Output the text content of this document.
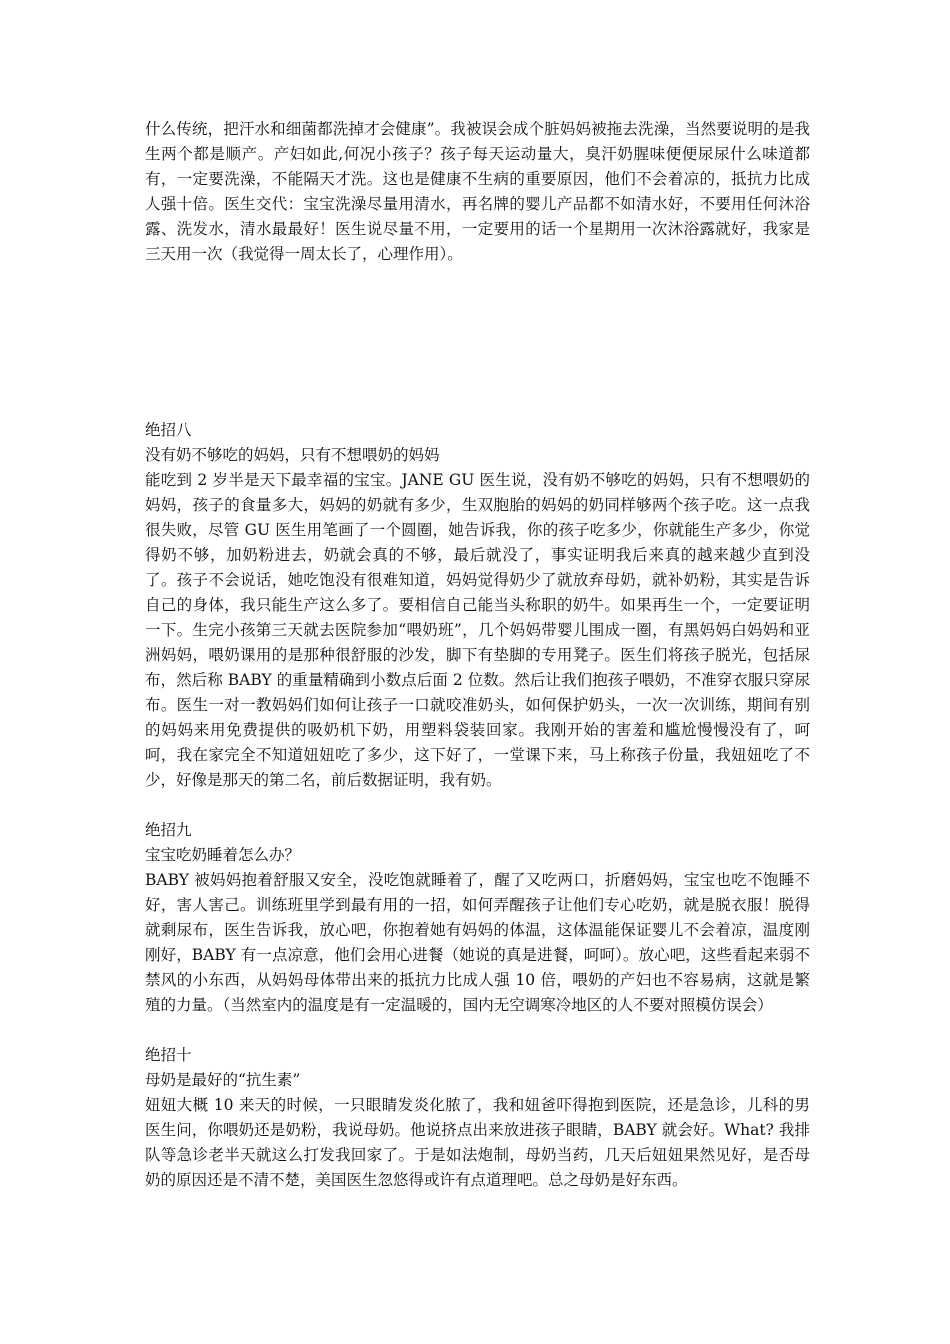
什么传统，把汗水和细菌都洗掉才会健康”。我被误会成个脏妈妈被拖去洗澡，当然要说明的是我生两个都是顺产。产妇如此,何况小孩子？孩子每天运动量大，臭汗奶腥味便便尿尿什么味道都有，一定要洗澡，不能隔天才洗。这也是健康不生病的重要原因，他们不会着凉的，抵抗力比成人强十倍。医生交代：宝宝洗澡尽量用清水，再名牌的婴儿产品都不如清水好，不要用任何沐浴露、洗发水，清水最最好！医生说尽量不用，一定要用的话一个星期用一次沐浴露就好，我家是三天用一次（我觉得一周太长了，心理作用）。

绝招八
没有奶不够吃的妈妈，只有不想喂奶的妈妈

能吃到 2 岁半是天下最幸福的宝宝。JANE GU 医生说，没有奶不够吃的妈妈，只有不想喂奶的妈妈，孩子的食量多大，妈妈的奶就有多少，生双胞胎的妈妈的奶同样够两个孩子吃。这一点我很失败，尽管 GU 医生用笔画了一个圆圈，她告诉我，你的孩子吃多少，你就能生产多少，你觉得奶不够，加奶粉进去，奶就会真的不够，最后就没了，事实证明我后来真的越来越少直到没了。孩子不会说话，她吃饱没有很难知道，妈妈觉得奶少了就放弃母奶，就补奶粉，其实是告诉自己的身体，我只能生产这么多了。要相信自己能当头称职的奶牛。如果再生一个，一定要证明一下。生完小孩第三天就去医院参加“喂奶班”，几个妈妈带婴儿围成一圈，有黑妈妈白妈妈和亚洲妈妈，喂奶课用的是那种很舒服的沙发，脚下有垫脚的专用凳子。医生们将孩子脱光，包括尿布，然后称 BABY 的重量精确到小数点后面 2 位数。然后让我们抱孩子喂奶，不准穿衣服只穿尿布。医生一对一教妈妈们如何让孩子一口就咬准奶头，如何保护奶头，一次一次训练，期间有别的妈妈来用免费提供的吸奶机下奶，用塑料袋装回家。我刚开始的害羞和尴尬慢慢没有了，呵呵，我在家完全不知道妞妞吃了多少，这下好了，一堂课下来，马上称孩子份量，我妞妞吃了不少，好像是那天的第二名，前后数据证明，我有奶。

绝招九
宝宝吃奶睡着怎么办？

BABY 被妈妈抱着舒服又安全，没吃饱就睡着了，醒了又吃两口，折磨妈妈，宝宝也吃不饱睡不好，害人害己。训练班里学到最有用的一招，如何弄醒孩子让他们专心吃奶，就是脱衣服！脱得就剩尿布，医生告诉我，放心吧，你抱着她有妈妈的体温，这体温能保证婴儿不会着凉，温度刚刚好，BABY 有一点凉意，他们会用心进餐（她说的真是进餐，呵呵）。放心吧，这些看起来弱不禁风的小东西，从妈妈母体带出来的抵抗力比成人强 10 倍，喂奶的产妇也不容易病，这就是繁殖的力量。（当然室内的温度是有一定温暖的，国内无空调寒冷地区的人不要对照模仿误会）

绝招十
母奶是最好的“抗生素”

妞妞大概 10 来天的时候，一只眼睛发炎化脓了，我和妞爸吓得抱到医院，还是急诊，儿科的男医生问，你喂奶还是奶粉，我说母奶。他说挤点出来放进孩子眼睛，BABY 就会好。What? 我排队等急诊老半天就这么打发我回家了。于是如法炮制，母奶当药，几天后妞妞果然见好，是否母奶的原因还是不清不楚，美国医生忽悠得或许有点道理吧。总之母奶是好东西。
